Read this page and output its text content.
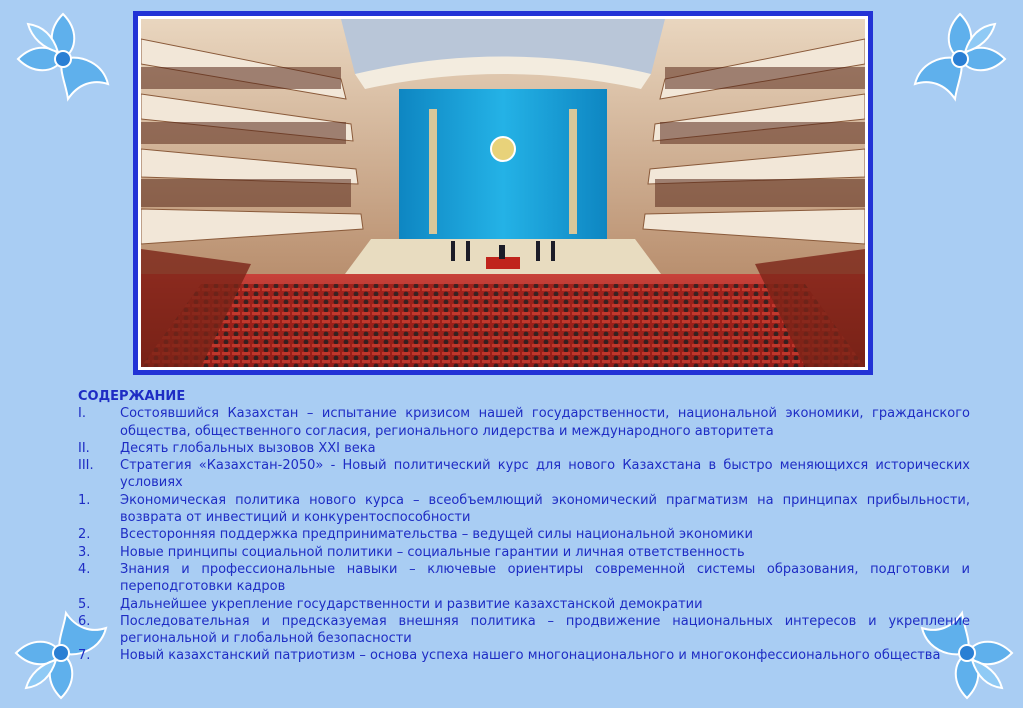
СОДЕРЖАНИЕ

I.	Состоявшийся Казахстан – испытание кризисом нашей государственности, национальной экономики, гражданского общества, общественного согласия, регионального лидерства и международного авторитета
II. Десять глобальных вызовов XXI века
III. Стратегия «Казахстан-2050» - Новый политический курс для нового Казахстана в быстро меняющихся исторических условиях
1. Экономическая политика нового курса – всеобъемлющий экономический прагматизм на принципах прибыльности, возврата от инвестиций и конкурентоспособности
2. Всесторонняя поддержка предпринимательства – ведущей силы национальной экономики
3. Новые принципы социальной политики – социальные гарантии и личная ответственность
4. Знания и профессиональные навыки – ключевые ориентиры современной системы образования, подготовки и переподготовки кадров
5. Дальнейшее укрепление государственности и развитие казахстанской демократии
6. Последовательная и предсказуемая внешняя политика – продвижение национальных интересов и укрепление региональной и глобальной безопасности
7. Новый казахстанский патриотизм – основа успеха нашего многонационального и многоконфессионального общества
